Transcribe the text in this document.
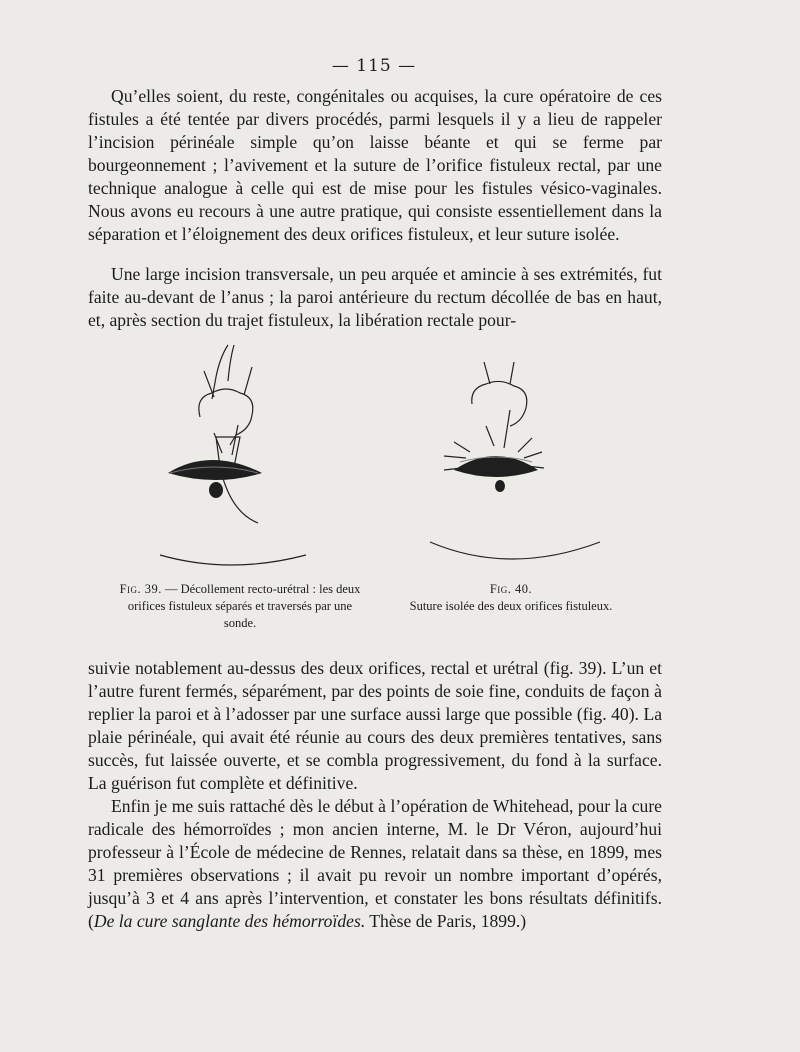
— 115 —

Qu’elles soient, du reste, congénitales ou acquises, la cure opératoire de ces fistules a été tentée par divers procédés, parmi lesquels il y a lieu de rappeler l’incision périnéale simple qu’on laisse béante et qui se ferme par bourgeonnement ; l’avivement et la suture de l’orifice fistuleux rectal, par une technique analogue à celle qui est de mise pour les fistules vésico-vaginales. Nous avons eu recours à une autre pratique, qui consiste essentiellement dans la séparation et l’éloignement des deux orifices fistuleux, et leur suture isolée.

Une large incision transversale, un peu arquée et amincie à ses extrémités, fut faite au-devant de l’anus ; la paroi antérieure du rectum décollée de bas en haut, et, après section du trajet fistuleux, la libération rectale pour-

Fig. 39. — Décollement recto-urétral : les deux orifices fistuleux séparés et traversés par une sonde.
Fig. 40.
Suture isolée des deux orifices fistuleux.

suivie notablement au-dessus des deux orifices, rectal et urétral (fig. 39). L’un et l’autre furent fermés, séparément, par des points de soie fine, conduits de façon à replier la paroi et à l’adosser par une surface aussi large que possible (fig. 40). La plaie périnéale, qui avait été réunie au cours des deux premières tentatives, sans succès, fut laissée ouverte, et se combla progressivement, du fond à la surface. La guérison fut complète et définitive.

Enfin je me suis rattaché dès le début à l’opération de Whitehead, pour la cure radicale des hémorroïdes ; mon ancien interne, M. le Dr Véron, aujourd’hui professeur à l’École de médecine de Rennes, relatait dans sa thèse, en 1899, mes 31 premières observations ; il avait pu revoir un nombre important d’opérés, jusqu’à 3 et 4 ans après l’intervention, et constater les bons résultats définitifs. (De la cure sanglante des hémorroïdes. Thèse de Paris, 1899.)
